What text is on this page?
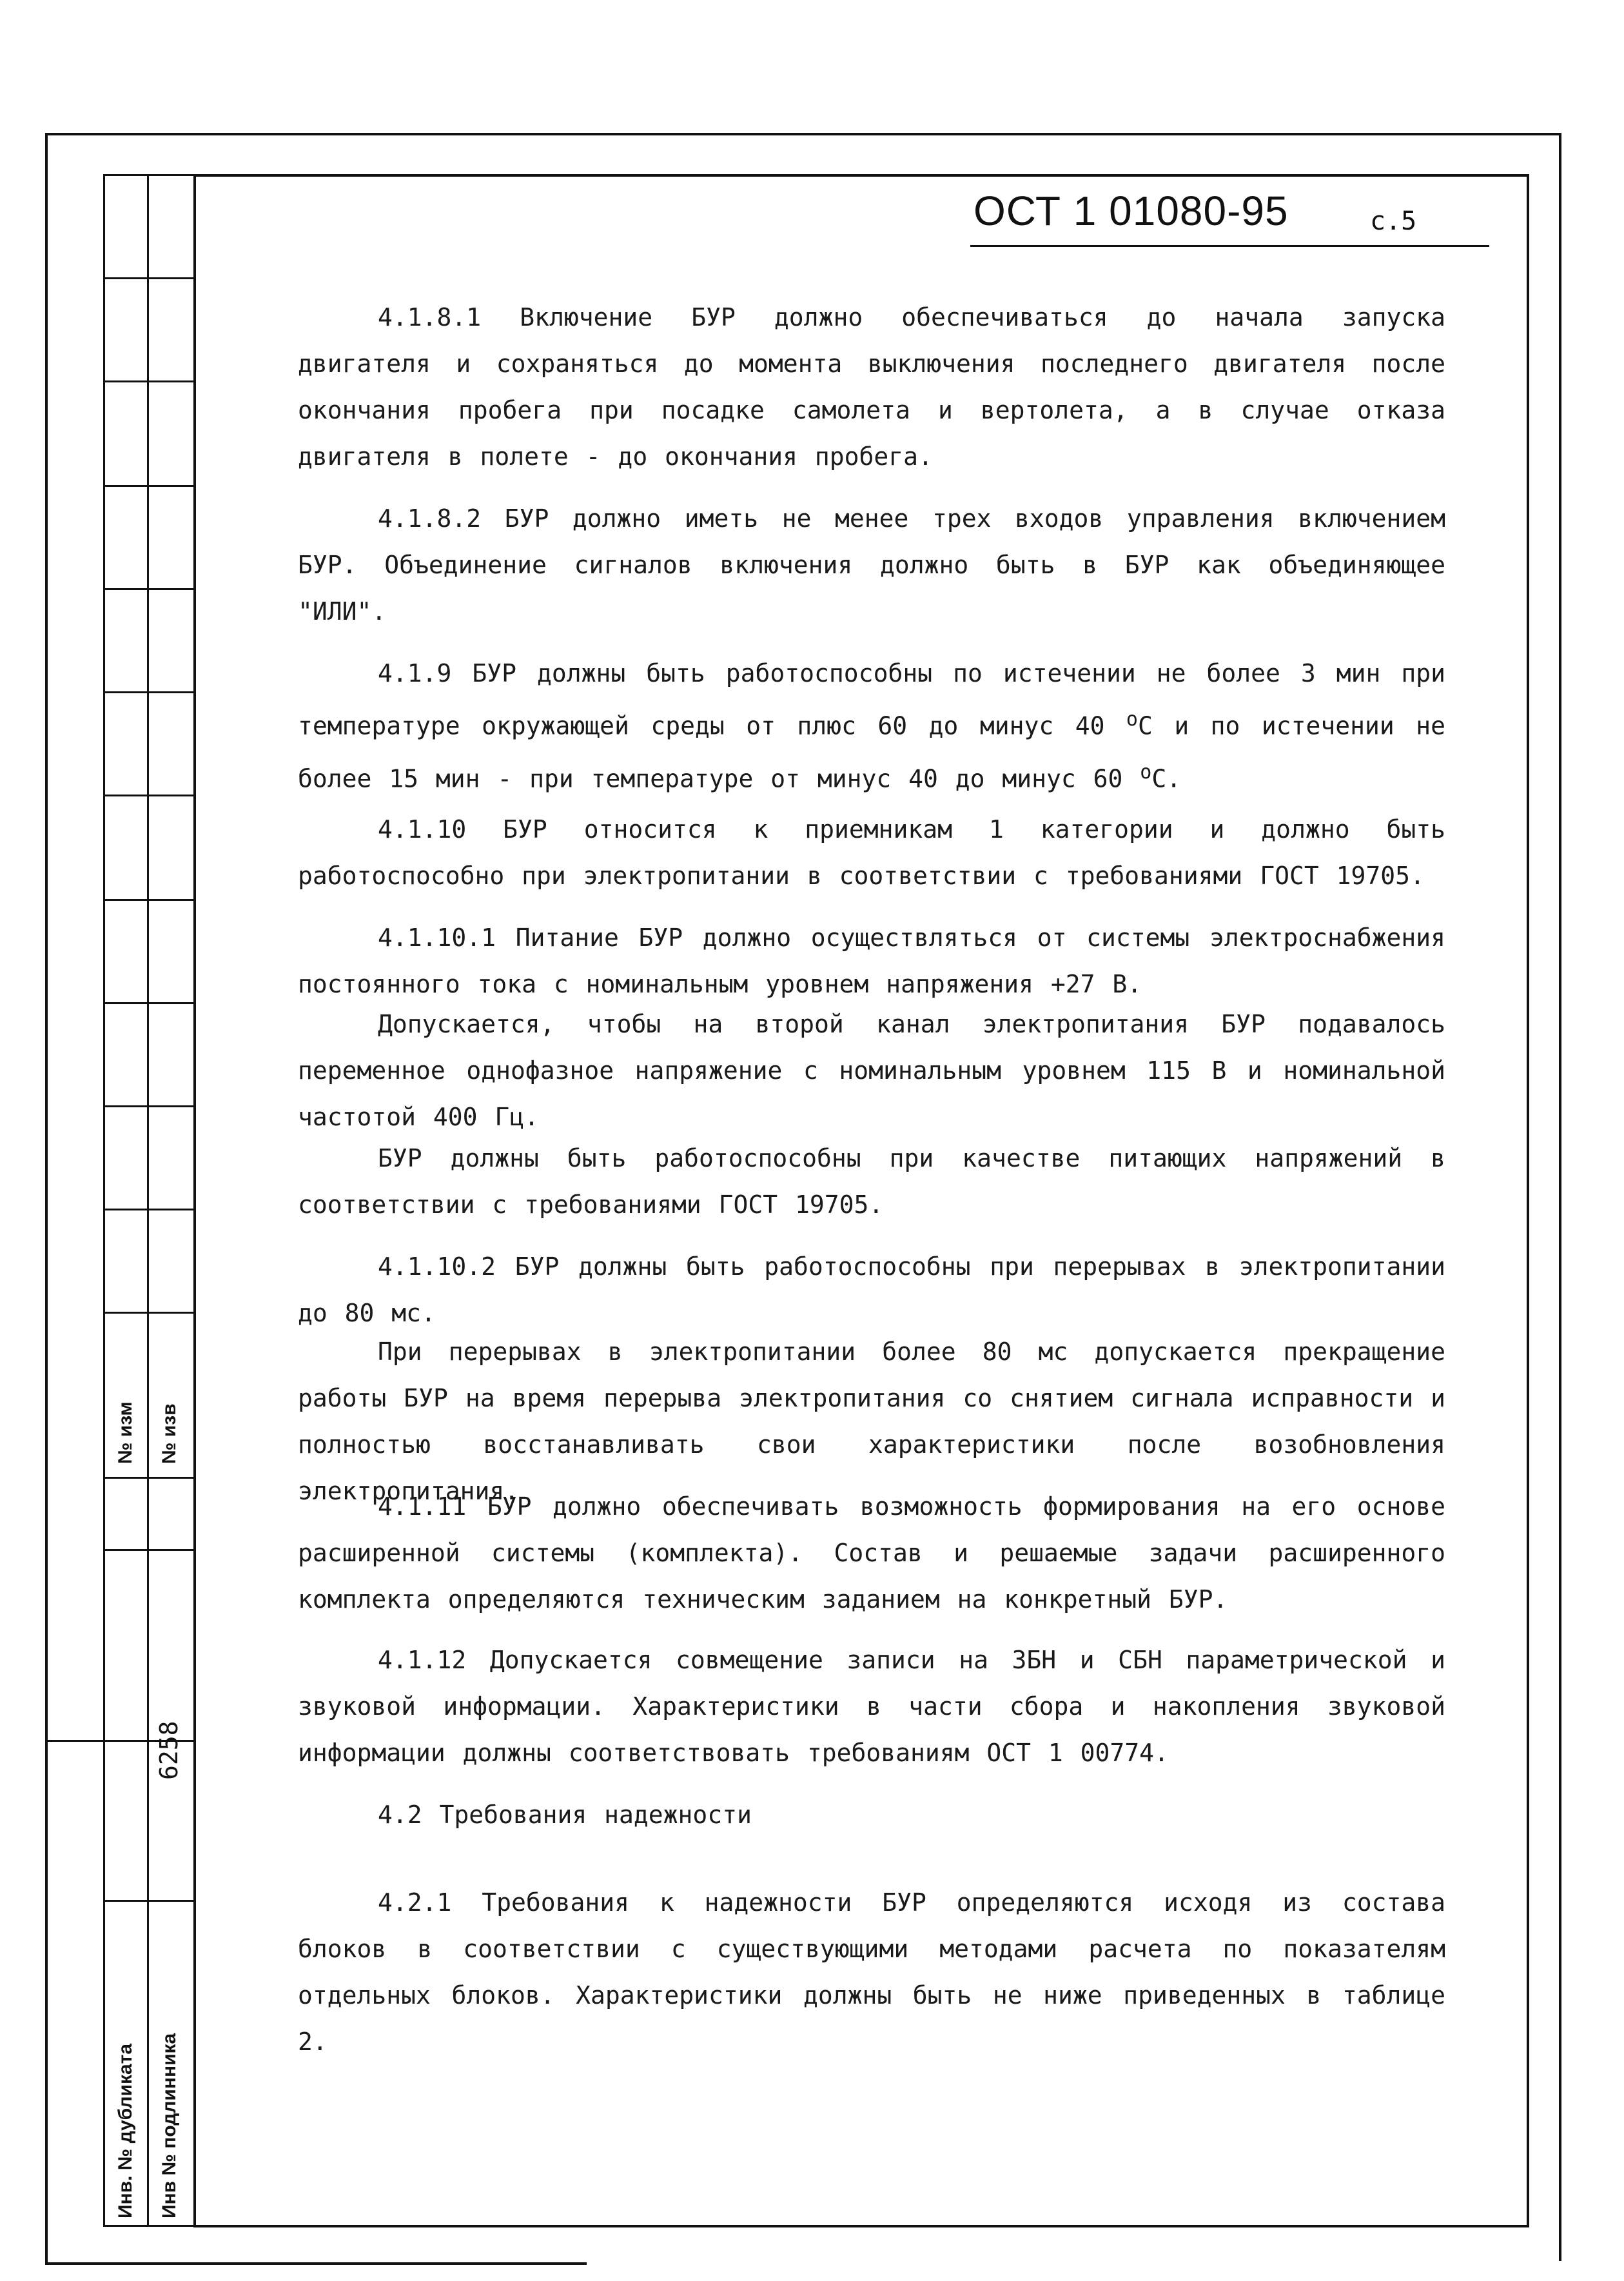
№ изм № изв
6258
Инв. № дубликата Инв № подлинника
ОСТ 1 01080-95	с.5

4.1.8.1 Включение БУР должно обеспечиваться до начала запуска двигателя и сохраняться до момента выключения последнего двигателя после окончания пробега при посадке самолета и вертолета, а в случае отказа двигателя в полете - до окончания пробега.

4.1.8.2 БУР должно иметь не менее трех входов управления включением БУР. Объединение сигналов включения должно быть в БУР как объединяющее "ИЛИ".

4.1.9 БУР должны быть работоспособны по истечении не более 3 мин при температуре окружающей среды от плюс 60 до минус 40 $^о$С и по истечении не более 15 мин - при температуре от минус 40 до минус 60 $^о$С.

4.1.10 БУР относится к приемникам 1 категории и должно быть работоспособно при электропитании в соответствии с требованиями ГОСТ 19705.

4.1.10.1 Питание БУР должно осуществляться от системы электроснабжения постоянного тока с номинальным уровнем напряжения +27 В.

Допускается, чтобы на второй канал электропитания БУР подавалось переменное однофазное напряжение с номинальным уровнем 115 В и номинальной частотой 400 Гц.

БУР должны быть работоспособны при качестве питающих напряжений в соответствии с требованиями ГОСТ 19705.

4.1.10.2 БУР должны быть работоспособны при перерывах в электропитании до 80 мс.

При перерывах в электропитании более 80 мс допускается прекращение работы БУР на время перерыва электропитания со снятием сигнала исправности и полностью восстанавливать свои характеристики после возобновления электропитания.

4.1.11 БУР должно обеспечивать возможность формирования на его основе расширенной системы (комплекта). Состав и решаемые задачи расширенного комплекта определяются техническим заданием на конкретный БУР.

4.1.12 Допускается совмещение записи на ЗБН и СБН параметрической и звуковой информации. Характеристики в части сбора и накопления звуковой информации должны соответствовать требованиям ОСТ 1 00774.

4.2 Требования надежности

4.2.1 Требования к надежности БУР определяются исходя из состава блоков в соответствии с существующими методами расчета по показателям отдельных блоков. Характеристики должны быть не ниже приведенных в таблице 2.
